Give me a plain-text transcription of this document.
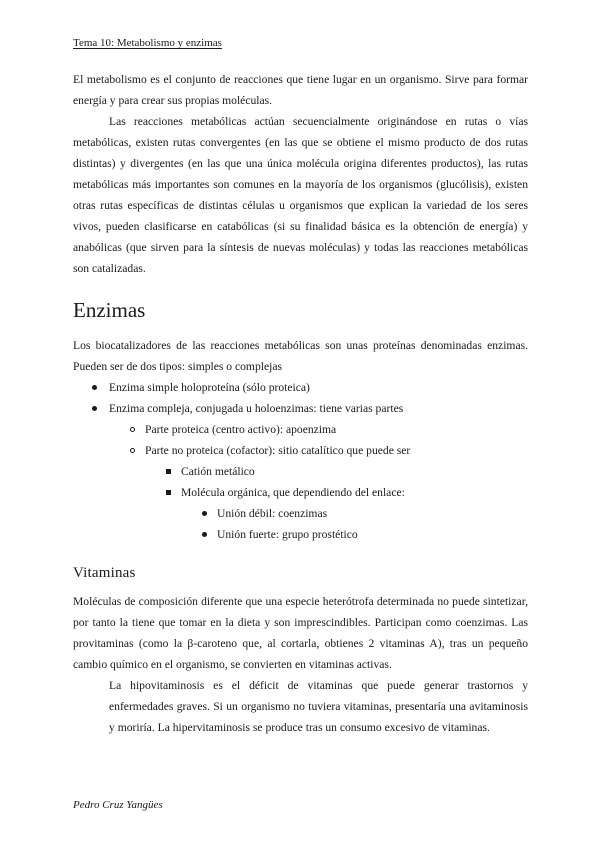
Tema 10: Metabolismo y enzimas

El metabolismo es el conjunto de reacciones que tiene lugar en un organismo. Sirve para formar energía y para crear sus propias moléculas.

Las reacciones metabólicas actúan secuencialmente originándose en rutas o vías metabólicas, existen rutas convergentes (en las que se obtiene el mismo producto de dos rutas distintas) y divergentes (en las que una única molécula origina diferentes productos), las rutas metabólicas más importantes son comunes en la mayoría de los organismos (glucólisis), existen otras rutas específicas de distintas células u organismos que explican la variedad de los seres vivos, pueden clasificarse en catabólicas (si su finalidad básica es la obtención de energía) y anabólicas (que sirven para la síntesis de nuevas moléculas) y todas las reacciones metabólicas son catalizadas.

Enzimas

Los biocatalizadores de las reacciones metabólicas son unas proteínas denominadas enzimas. Pueden ser de dos tipos: simples o complejas

Enzima simple holoproteína (sólo proteica)
Enzima compleja, conjugada u holoenzimas: tiene varias partes
Parte proteica (centro activo): apoenzima
Parte no proteica (cofactor): sitio catalítico que puede ser
Catión metálico
Molécula orgánica, que dependiendo del enlace:
Unión débil: coenzimas
Unión fuerte: grupo prostético
Vitaminas

Moléculas de composición diferente que una especie heterótrofa determinada no puede sintetizar, por tanto la tiene que tomar en la dieta y son imprescindibles. Participan como coenzimas. Las provitaminas (como la β-caroteno que, al cortarla, obtienes 2 vitaminas A), tras un pequeño cambio químico en el organismo, se convierten en vitaminas activas.

La hipovitaminosis es el déficit de vitaminas que puede generar trastornos y enfermedades graves. Si un organismo no tuviera vitaminas, presentaría una avitaminosis y moriría. La hipervitaminosis se produce tras un consumo excesivo de vitaminas.

Pedro Cruz Yangües
